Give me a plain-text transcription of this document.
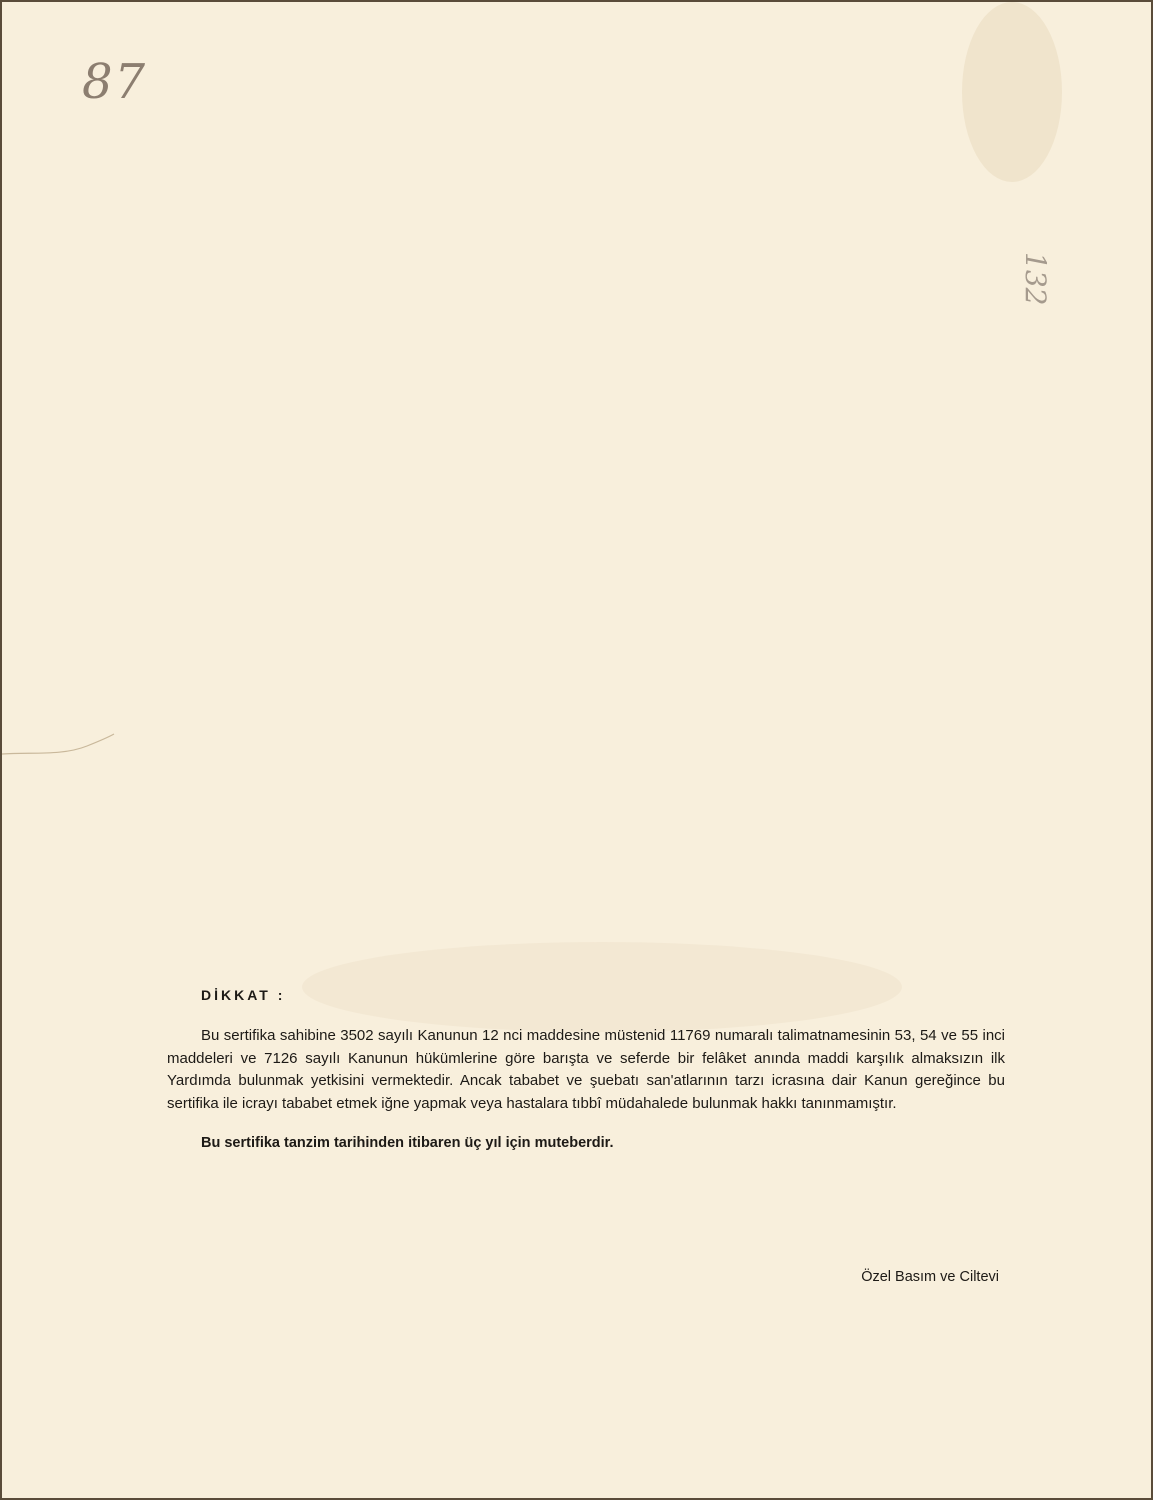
87
132
DİKKAT :

Bu sertifika sahibine 3502 sayılı Kanunun 12 nci maddesine müstenid 11769 numaralı talimatnamesinin 53, 54 ve 55 inci maddeleri ve 7126 sayılı Kanunun hükümlerine göre barışta ve seferde bir felâket anında maddi karşılık almaksızın ilk Yardımda bulunmak yetkisini vermektedir. Ancak tababet ve şuebatı san'atlarının tarzı icrasına dair Kanun gereğince bu sertifika ile icrayı tababet etmek iğne yapmak veya hastalara tıbbî müdahalede bulunmak hakkı tanınmamıştır.

Bu sertifika tanzim tarihinden itibaren üç yıl için muteberdir.
Özel Basım ve Ciltevi
